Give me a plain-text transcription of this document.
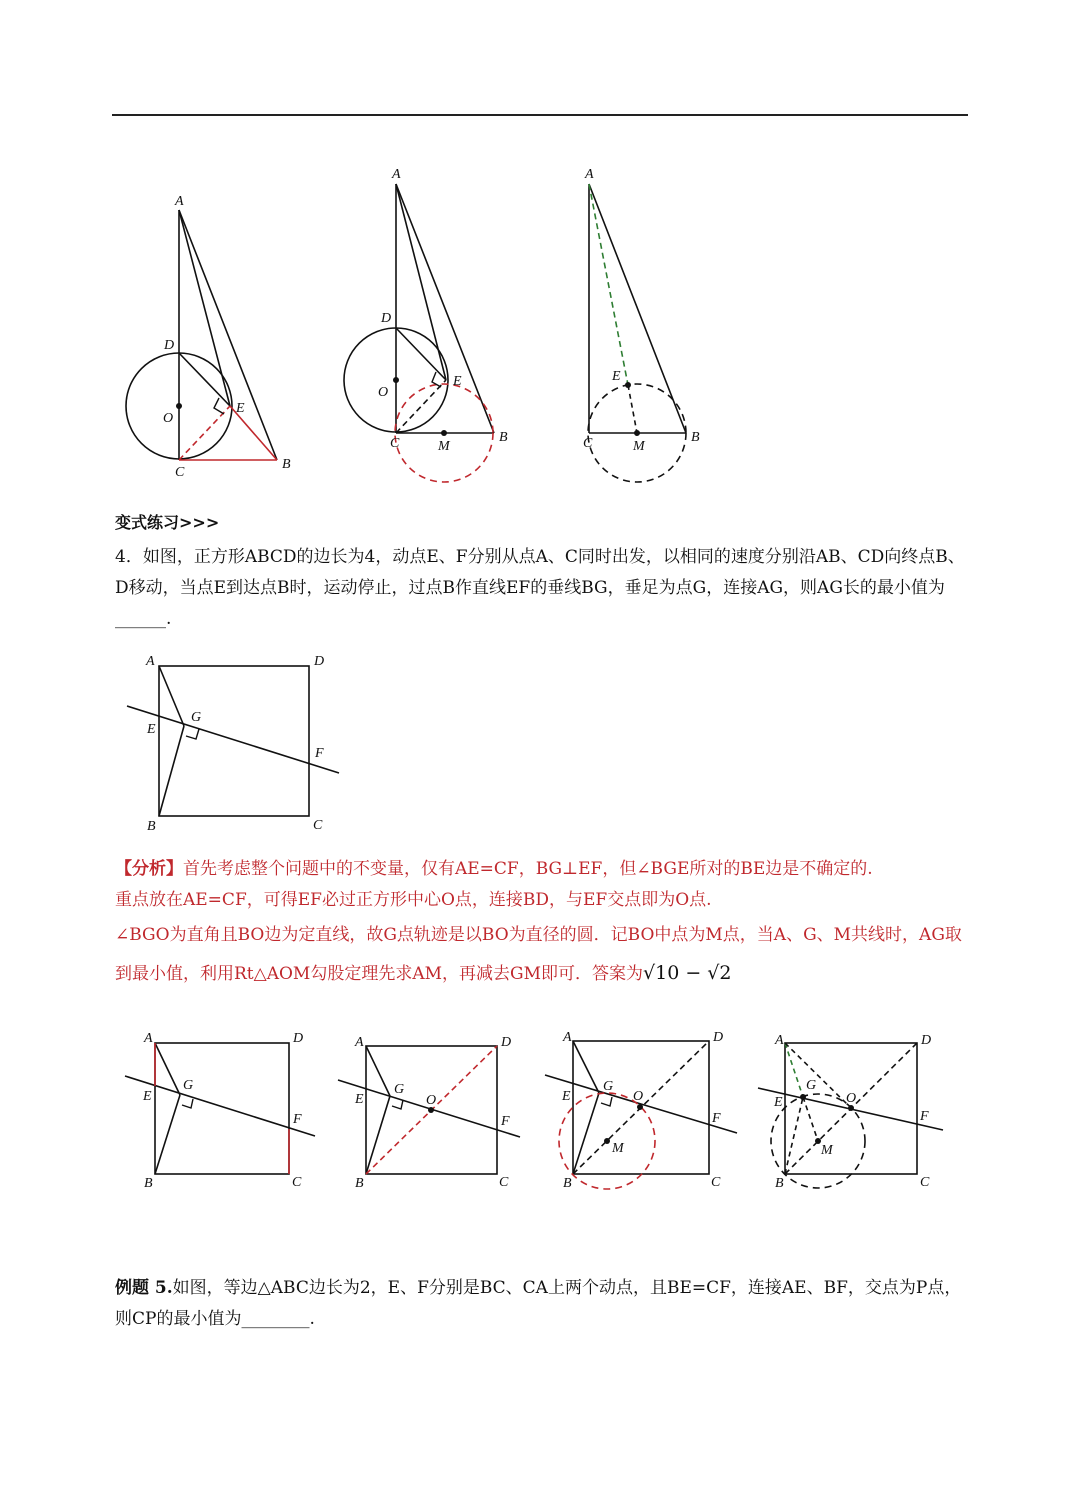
A
D
O
E
C
B
A
D
O
E
C	M
B
A
E
C	M
B
A	D
G
E
F
B	C
A	D
G
E
F
B	C
A	D
G
O
E
F
B	C
A	D
G
O
E
F
M
B	C
A	D
G
O
E
F
M
B	C
变式练习>>>

4．如图，正方形ABCD的边长为4，动点E、F分别从点A、C同时出发，以相同的速度分别沿AB、CD向终点B、D移动，当点E到达点B时，运动停止，过点B作直线EF的垂线BG，垂足为点G，连接AG，则AG长的最小值为______.

【分析】首先考虑整个问题中的不变量，仅有AE=CF，BG⊥EF，但∠BGE所对的BE边是不确定的.
重点放在AE=CF，可得EF必过正方形中心O点，连接BD，与EF交点即为O点.
∠BGO为直角且BO边为定直线，故G点轨迹是以BO为直径的圆．记BO中点为M点，当A、G、M共线时，AG取到最小值，利用Rt△AOM勾股定理先求AM，再减去GM即可．答案为√10 − √2

例题 5.如图，等边△ABC边长为2，E、F分别是BC、CA上两个动点，且BE=CF，连接AE、BF，交点为P点，则CP的最小值为________.
